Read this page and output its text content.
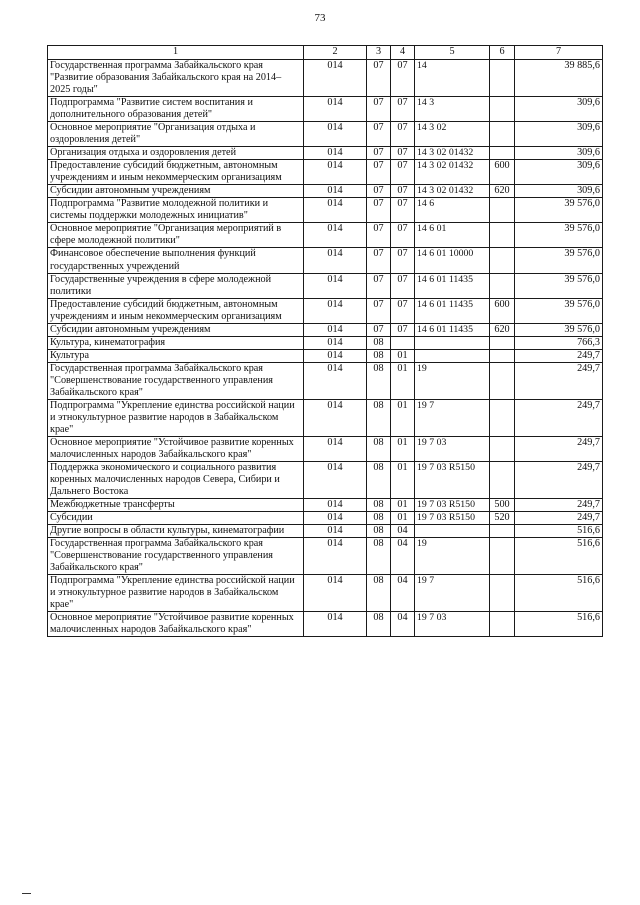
73
1	2	3	4	5	6	7
Государственная программа Забайкальского края "Развитие образования Забайкальского края на 2014–2025 годы"	014	07	07	14		39 885,6
Подпрограмма "Развитие систем воспитания и дополнительного образования детей"	014	07	07	14 3		309,6
Основное мероприятие "Организация отдыха и оздоровления детей"	014	07	07	14 3 02		309,6
Организация отдыха и оздоровления детей	014	07	07	14 3 02 01432		309,6
Предоставление субсидий бюджетным, автономным учреждениям и иным некоммерческим организациям	014	07	07	14 3 02 01432	600	309,6
Субсидии автономным учреждениям	014	07	07	14 3 02 01432	620	309,6
Подпрограмма "Развитие молодежной политики и системы поддержки молодежных инициатив"	014	07	07	14 6		39 576,0
Основное мероприятие "Организация мероприятий в сфере молодежной политики"	014	07	07	14 6 01		39 576,0
Финансовое обеспечение выполнения функций государственных учреждений	014	07	07	14 6 01 10000		39 576,0
Государственные учреждения в сфере молодежной политики	014	07	07	14 6 01 11435		39 576,0
Предоставление субсидий бюджетным, автономным учреждениям и иным некоммерческим организациям	014	07	07	14 6 01 11435	600	39 576,0
Субсидии автономным учреждениям	014	07	07	14 6 01 11435	620	39 576,0
Культура, кинематография	014	08				766,3
Культура	014	08	01			249,7
Государственная программа Забайкальского края "Совершенствование государственного управления Забайкальского края"	014	08	01	19		249,7
Подпрограмма "Укрепление единства российской нации и этнокультурное развитие народов в Забайкальском крае"	014	08	01	19 7		249,7
Основное мероприятие "Устойчивое развитие коренных малочисленных народов Забайкальского края"	014	08	01	19 7 03		249,7
Поддержка экономического и социального развития коренных малочисленных народов Севера, Сибири и Дальнего Востока	014	08	01	19 7 03 R5150		249,7
Межбюджетные трансферты	014	08	01	19 7 03 R5150	500	249,7
Субсидии	014	08	01	19 7 03 R5150	520	249,7
Другие вопросы в области культуры, кинематографии	014	08	04			516,6
Государственная программа Забайкальского края "Совершенствование государственного управления Забайкальского края"	014	08	04	19		516,6
Подпрограмма "Укрепление единства российской нации и этнокультурное развитие народов в Забайкальском крае"	014	08	04	19 7		516,6
Основное мероприятие "Устойчивое развитие коренных малочисленных народов Забайкальского края"	014	08	04	19 7 03		516,6
